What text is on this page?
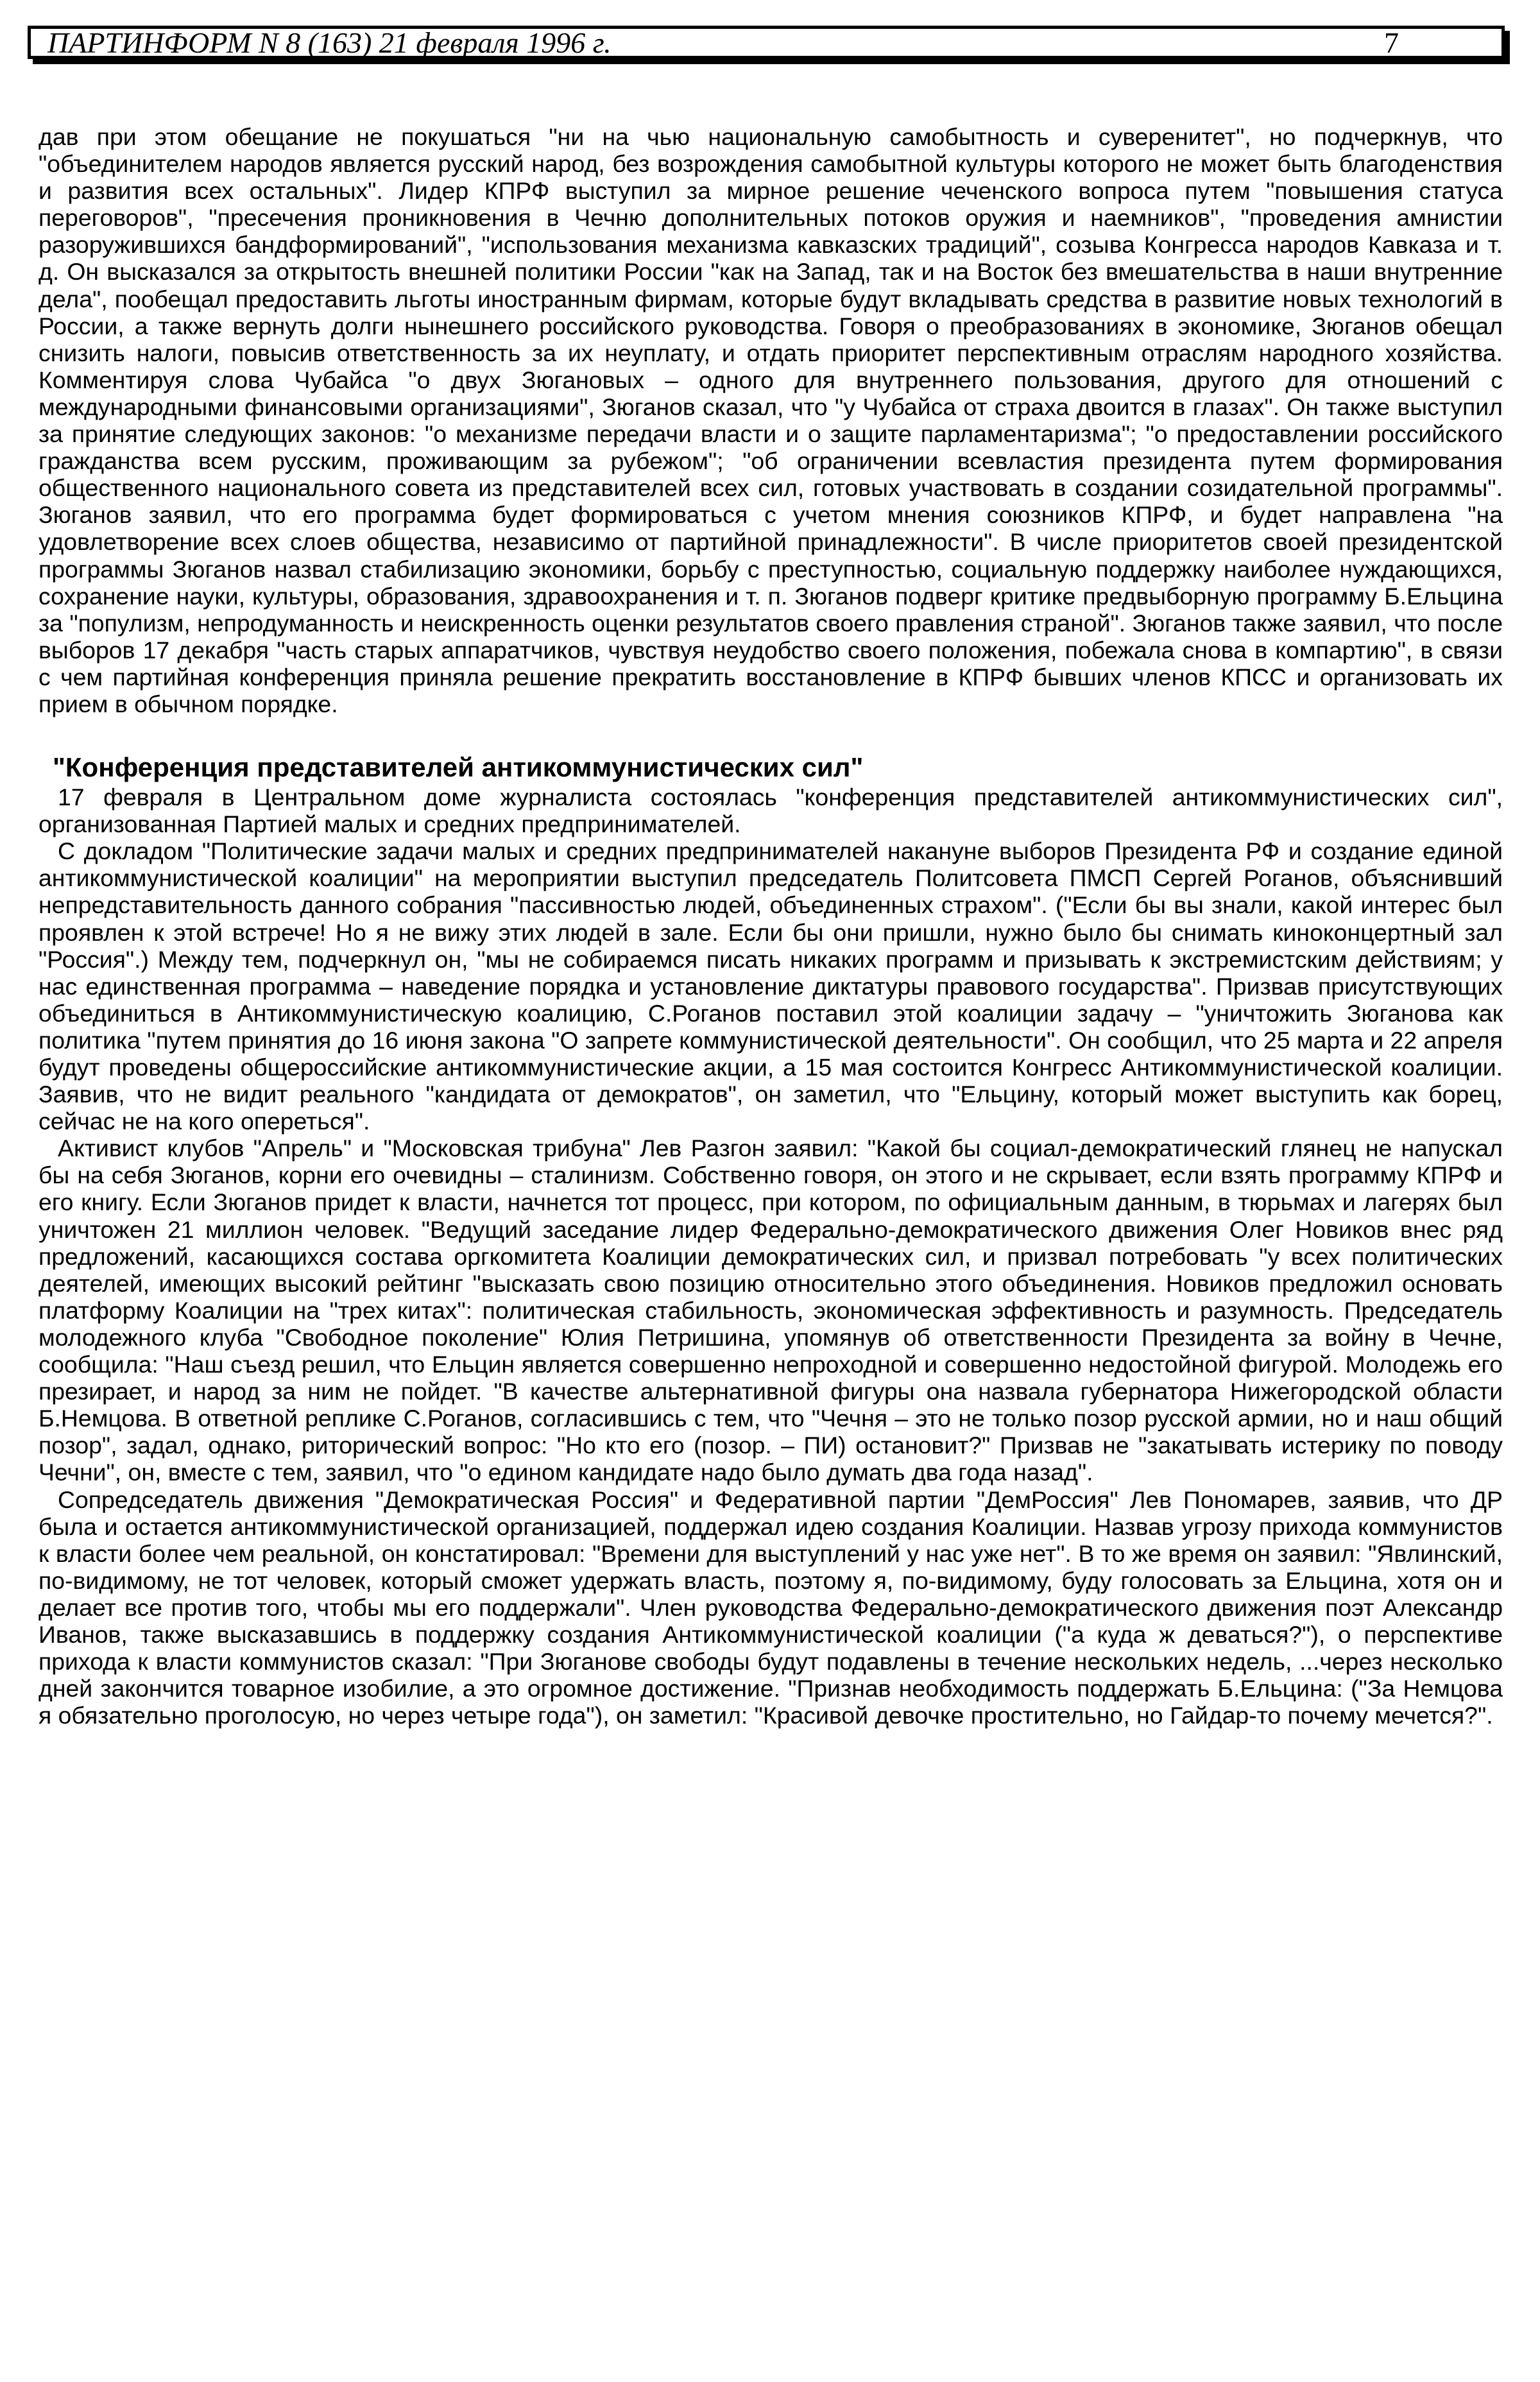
ПАРТИНФОРМ N 8 (163) 21 февраля 1996 г.	7

дав при этом обещание не покушаться "ни на чью национальную самобытность и суверенитет", но подчеркнув, что "объединителем народов является русский народ, без возрождения самобытной культуры которого не может быть благоденствия и развития всех остальных". Лидер КПРФ выступил за мирное решение чеченского вопроса путем "повышения статуса переговоров", "пресечения проникновения в Чечню дополнительных потоков оружия и наемников", "проведения амнистии разоружившихся бандформирований", "использования механизма кавказских традиций", созыва Конгресса народов Кавказа и т. д. Он высказался за открытость внешней политики России "как на Запад, так и на Восток без вмешательства в наши внутренние дела", пообещал предоставить льготы иностранным фирмам, которые будут вкладывать средства в развитие новых технологий в России, а также вернуть долги нынешнего российского руководства. Говоря о преобразованиях в экономике, Зюганов обещал снизить налоги, повысив ответственность за их неуплату, и отдать приоритет перспективным отраслям народного хозяйства. Комментируя слова Чубайса "о двух Зюгановых – одного для внутреннего пользования, другого для отношений с международными финансовыми организациями", Зюганов сказал, что "у Чубайса от страха двоится в глазах". Он также выступил за принятие следующих законов: "о механизме передачи власти и о защите парламентаризма"; "о предоставлении российского гражданства всем русским, проживающим за рубежом"; "об ограничении всевластия президента путем формирования общественного национального совета из представителей всех сил, готовых участвовать в создании созидательной программы". Зюганов заявил, что его программа будет формироваться с учетом мнения союзников КПРФ, и будет направлена "на удовлетворение всех слоев общества, независимо от партийной принадлежности". В числе приоритетов своей президентской программы Зюганов назвал стабилизацию экономики, борьбу с преступностью, социальную поддержку наиболее нуждающихся, сохранение науки, культуры, образования, здравоохранения и т. п. Зюганов подверг критике предвыборную программу Б.Ельцина за "популизм, непродуманность и неискренность оценки результатов своего правления страной". Зюганов также заявил, что после выборов 17 декабря "часть старых аппаратчиков, чувствуя неудобство своего положения, побежала снова в компартию", в связи с чем партийная конференция приняла решение прекратить восстановление в КПРФ бывших членов КПСС и организовать их прием в обычном порядке.

"Конференция представителей антикоммунистических сил"

17 февраля в Центральном доме журналиста состоялась "конференция представителей антикоммунистических сил", организованная Партией малых и средних предпринимателей.

С докладом "Политические задачи малых и средних предпринимателей накануне выборов Президента РФ и создание единой антикоммунистической коалиции" на мероприятии выступил председатель Политсовета ПМСП Сергей Роганов, объяснивший непредставительность данного собрания "пассивностью людей, объединенных страхом". ("Если бы вы знали, какой интерес был проявлен к этой встрече! Но я не вижу этих людей в зале. Если бы они пришли, нужно было бы снимать киноконцертный зал "Россия".) Между тем, подчеркнул он, "мы не собираемся писать никаких программ и призывать к экстремистским действиям; у нас единственная программа – наведение порядка и установление диктатуры правового государства". Призвав присутствующих объединиться в Антикоммунистическую коалицию, С.Роганов поставил этой коалиции задачу – "уничтожить Зюганова как политика "путем принятия до 16 июня закона "О запрете коммунистической деятельности". Он сообщил, что 25 марта и 22 апреля будут проведены общероссийские антикоммунистические акции, а 15 мая состоится Конгресс Антикоммунистической коалиции. Заявив, что не видит реального "кандидата от демократов", он заметил, что "Ельцину, который может выступить как борец, сейчас не на кого опереться".

Активист клубов "Апрель" и "Московская трибуна" Лев Разгон заявил: "Какой бы социал-демократический глянец не напускал бы на себя Зюганов, корни его очевидны – сталинизм. Собственно говоря, он этого и не скрывает, если взять программу КПРФ и его книгу. Если Зюганов придет к власти, начнется тот процесс, при котором, по официальным данным, в тюрьмах и лагерях был уничтожен 21 миллион человек. "Ведущий заседание лидер Федерально-демократического движения Олег Новиков внес ряд предложений, касающихся состава оргкомитета Коалиции демократических сил, и призвал потребовать "у всех политических деятелей, имеющих высокий рейтинг "высказать свою позицию относительно этого объединения. Новиков предложил основать платформу Коалиции на "трех китах": политическая стабильность, экономическая эффективность и разумность. Председатель молодежного клуба "Свободное поколение" Юлия Петришина, упомянув об ответственности Президента за войну в Чечне, сообщила: "Наш съезд решил, что Ельцин является совершенно непроходной и совершенно недостойной фигурой. Молодежь его презирает, и народ за ним не пойдет. "В качестве альтернативной фигуры она назвала губернатора Нижегородской области Б.Немцова. В ответной реплике С.Роганов, согласившись с тем, что "Чечня – это не только позор русской армии, но и наш общий позор", задал, однако, риторический вопрос: "Но кто его (позор. – ПИ) остановит?" Призвав не "закатывать истерику по поводу Чечни", он, вместе с тем, заявил, что "о едином кандидате надо было думать два года назад".

Сопредседатель движения "Демократическая Россия" и Федеративной партии "ДемРоссия" Лев Пономарев, заявив, что ДР была и остается антикоммунистической организацией, поддержал идею создания Коалиции. Назвав угрозу прихода коммунистов к власти более чем реальной, он констатировал: "Времени для выступлений у нас уже нет". В то же время он заявил: "Явлинский, по-видимому, не тот человек, который сможет удержать власть, поэтому я, по-видимому, буду голосовать за Ельцина, хотя он и делает все против того, чтобы мы его поддержали". Член руководства Федерально-демократического движения поэт Александр Иванов, также высказавшись в поддержку создания Антикоммунистической коалиции ("а куда ж деваться?"), о перспективе прихода к власти коммунистов сказал: "При Зюганове свободы будут подавлены в течение нескольких недель, ...через несколько дней закончится товарное изобилие, а это огромное достижение. "Признав необходимость поддержать Б.Ельцина: ("За Немцова я обязательно проголосую, но через четыре года"), он заметил: "Красивой девочке простительно, но Гайдар-то почему мечется?".
